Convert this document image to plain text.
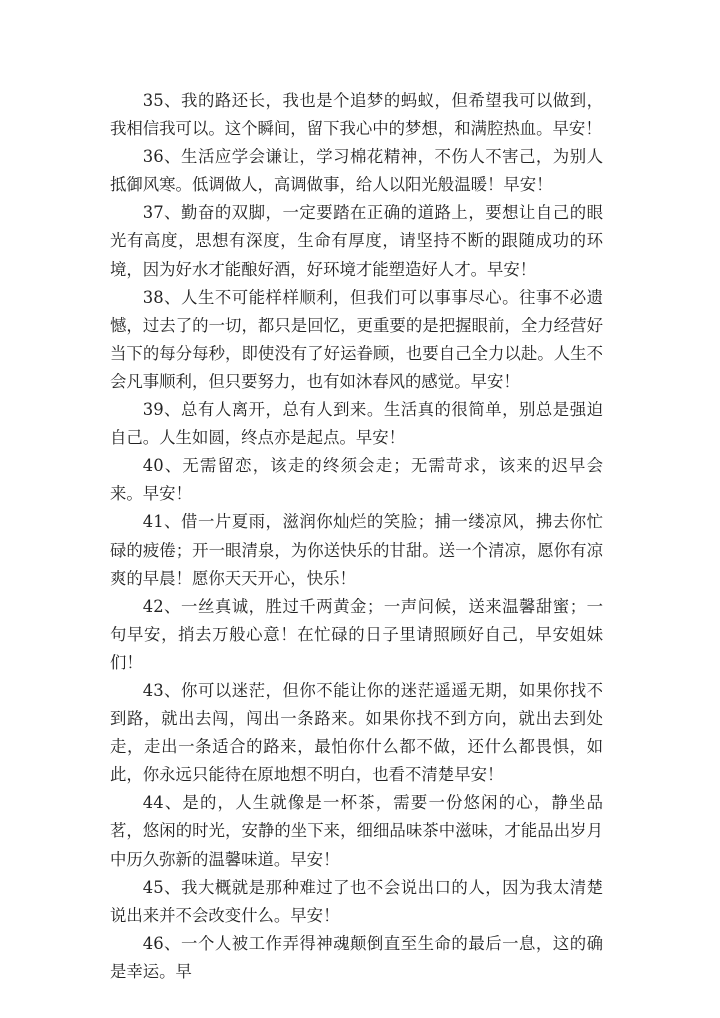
35、我的路还长，我也是个追梦的蚂蚁，但希望我可以做到，我相信我可以。这个瞬间，留下我心中的梦想，和满腔热血。早安！

36、生活应学会谦让，学习棉花精神，不伤人不害己，为别人抵御风寒。低调做人，高调做事，给人以阳光般温暖！早安！

37、勤奋的双脚，一定要踏在正确的道路上，要想让自己的眼光有高度，思想有深度，生命有厚度，请坚持不断的跟随成功的环境，因为好水才能酿好酒，好环境才能塑造好人才。早安！

38、人生不可能样样顺利，但我们可以事事尽心。往事不必遗憾，过去了的一切，都只是回忆，更重要的是把握眼前，全力经营好当下的每分每秒，即使没有了好运眷顾，也要自己全力以赴。人生不会凡事顺利，但只要努力，也有如沐春风的感觉。早安！

39、总有人离开，总有人到来。生活真的很简单，别总是强迫自己。人生如圆，终点亦是起点。早安！

40、无需留恋，该走的终须会走；无需苛求，该来的迟早会来。早安！

41、借一片夏雨，滋润你灿烂的笑脸；捕一缕凉风，拂去你忙碌的疲倦；开一眼清泉，为你送快乐的甘甜。送一个清凉，愿你有凉爽的早晨！愿你天天开心，快乐！

42、一丝真诚，胜过千两黄金；一声问候，送来温馨甜蜜；一句早安，捎去万般心意！在忙碌的日子里请照顾好自己，早安姐妹们！

43、你可以迷茫，但你不能让你的迷茫遥遥无期，如果你找不到路，就出去闯，闯出一条路来。如果你找不到方向，就出去到处走，走出一条适合的路来，最怕你什么都不做，还什么都畏惧，如此，你永远只能待在原地想不明白，也看不清楚早安！

44、是的，人生就像是一杯茶，需要一份悠闲的心，静坐品茗，悠闲的时光，安静的坐下来，细细品味茶中滋味，才能品出岁月中历久弥新的温馨味道。早安！

45、我大概就是那种难过了也不会说出口的人，因为我太清楚说出来并不会改变什么。早安！

46、一个人被工作弄得神魂颠倒直至生命的最后一息，这的确是幸运。早
